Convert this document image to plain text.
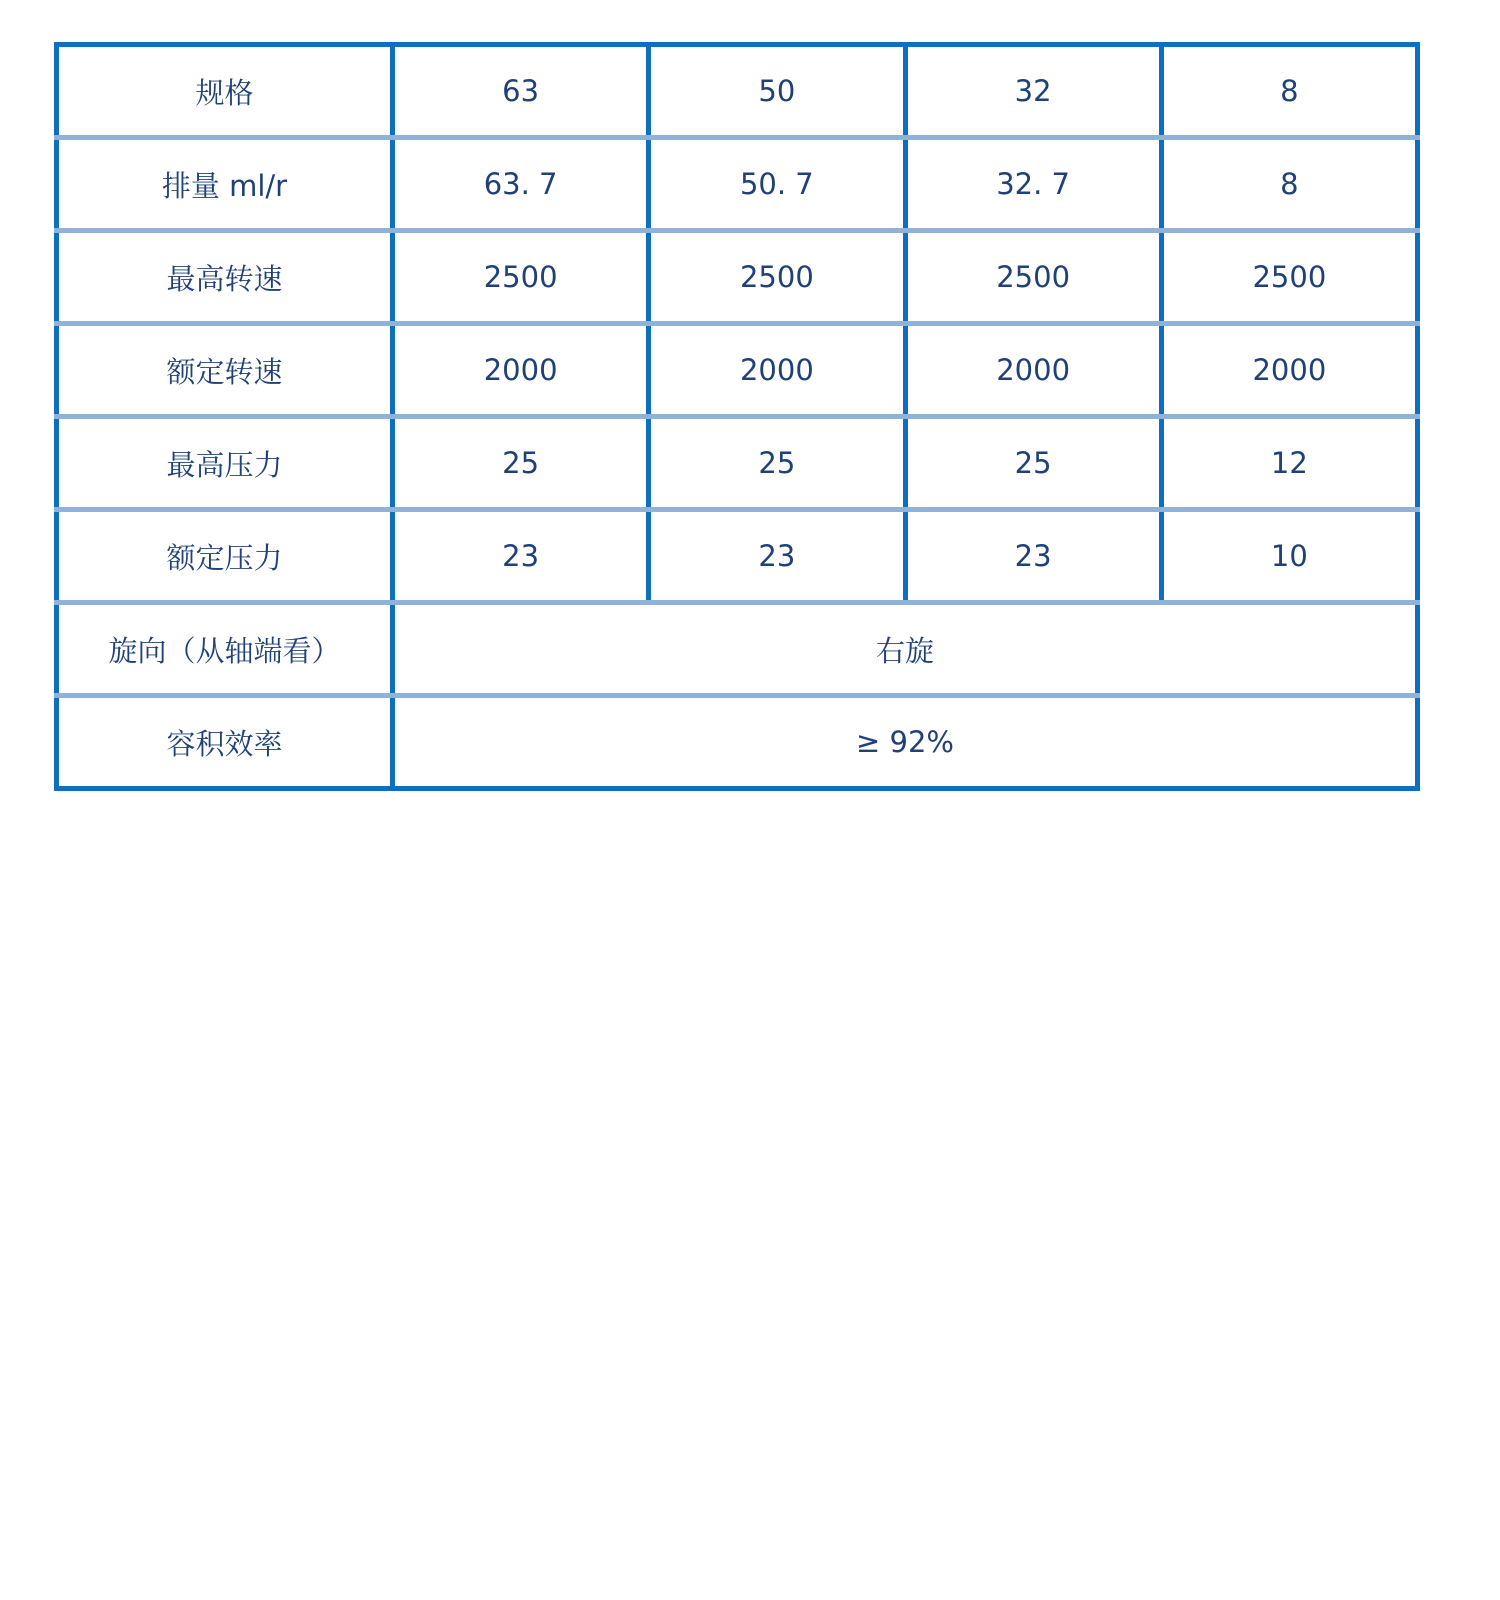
规格	63	50	32	8
排量 ml/r	63. 7	50. 7	32. 7	8
最高转速	2500	2500	2500	2500
额定转速	2000	2000	2000	2000
最高压力	25	25	25	12
额定压力	23	23	23	10
旋向（从轴端看）	右旋			
容积效率	≥ 92%			
